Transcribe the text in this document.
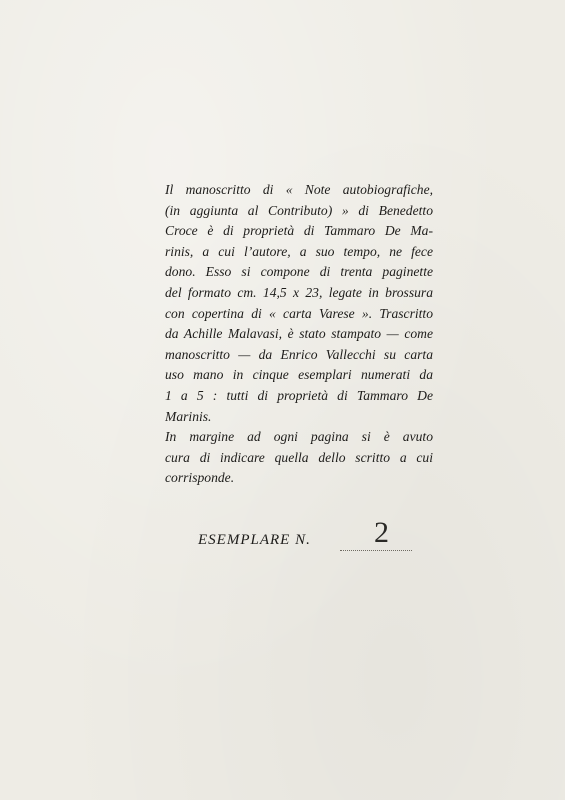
Il manoscritto di « Note autobiografiche,
(in aggiunta al Contributo) » di Benedetto
Croce è di proprietà di Tammaro De Ma-
rinis, a cui l’autore, a suo tempo, ne fece
dono. Esso si compone di trenta paginette
del formato cm. 14,5 x 23, legate in brossura
con copertina di « carta Varese ». Trascritto
da Achille Malavasi, è stato stampato — come
manoscritto — da Enrico Vallecchi su carta
uso mano in cinque esemplari numerati da
1 a 5 : tutti di proprietà di Tammaro De
Marinis.
In margine ad ogni pagina si è avuto
cura di indicare quella dello scritto a cui
corrisponde.
ESEMPLARE N. 2
